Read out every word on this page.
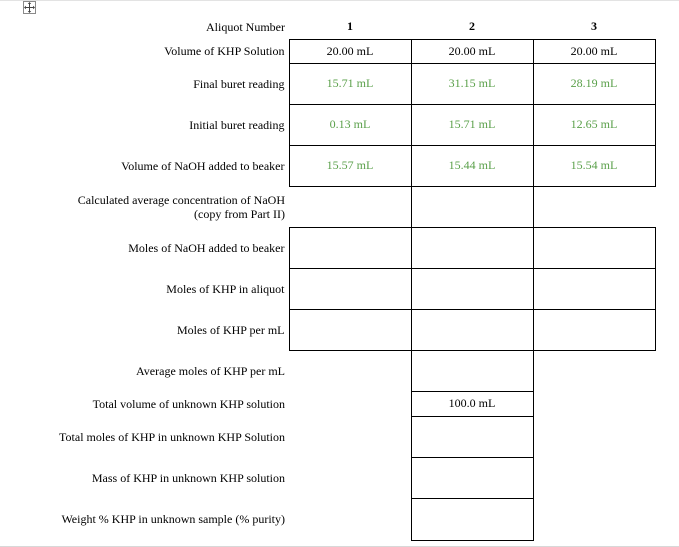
Aliquot Number	1	2	3
Volume of KHP Solution	20.00 mL	20.00 mL	20.00 mL
Final buret reading	15.71 mL	31.15 mL	28.19 mL
Initial buret reading	0.13 mL	15.71 mL	12.65 mL
Volume of NaOH added to beaker	15.57 mL	15.44 mL	15.54 mL
Calculated average concentration of NaOH
(copy from Part II)			
Moles of NaOH added to beaker			
Moles of KHP in aliquot			
Moles of KHP per mL			
Average moles of KHP per mL			
Total volume of unknown KHP solution		100.0 mL	
Total moles of KHP in unknown KHP Solution			
Mass of KHP in unknown KHP solution			
Weight % KHP in unknown sample (% purity)			
